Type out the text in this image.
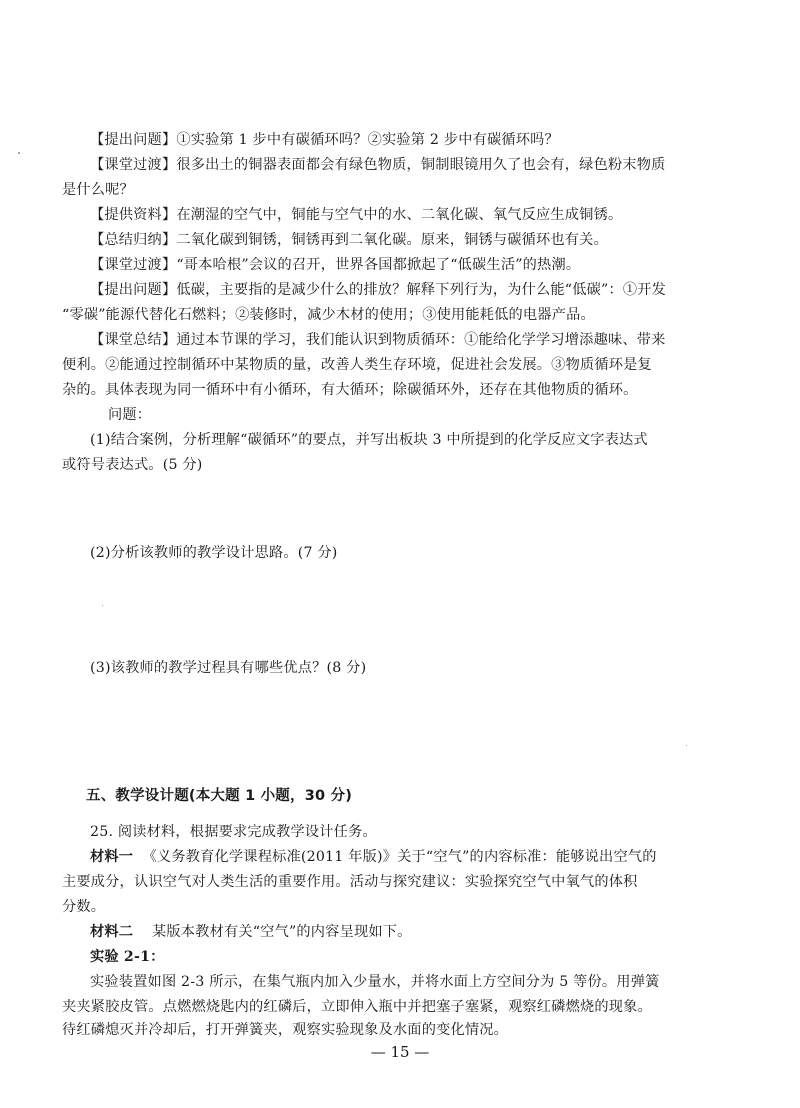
【提出问题】①实验第 1 步中有碳循环吗？②实验第 2 步中有碳循环吗？
【课堂过渡】很多出土的铜器表面都会有绿色物质，铜制眼镜用久了也会有，绿色粉末物质
是什么呢？
【提供资料】在潮湿的空气中，铜能与空气中的水、二氧化碳、氧气反应生成铜锈。
【总结归纳】二氧化碳到铜锈，铜锈再到二氧化碳。原来，铜锈与碳循环也有关。
【课堂过渡】“哥本哈根”会议的召开，世界各国都掀起了“低碳生活”的热潮。
【提出问题】低碳，主要指的是减少什么的排放？解释下列行为，为什么能“低碳”：①开发
“零碳”能源代替化石燃料；②装修时，减少木材的使用；③使用能耗低的电器产品。
【课堂总结】通过本节课的学习，我们能认识到物质循环：①能给化学学习增添趣味、带来
便利。②能通过控制循环中某物质的量，改善人类生存环境，促进社会发展。③物质循环是复
杂的。具体表现为同一循环中有小循环，有大循环；除碳循环外，还存在其他物质的循环。
问题：
(1)结合案例，分析理解“碳循环”的要点，并写出板块 3 中所提到的化学反应文字表达式
或符号表达式。(5 分)
(2)分析该教师的教学设计思路。(7 分)
(3)该教师的教学过程具有哪些优点？(8 分)
五、教学设计题(本大题 1 小题，30 分)
25. 阅读材料，根据要求完成教学设计任务。
材料一 《义务教育化学课程标准(2011 年版)》关于“空气”的内容标准：能够说出空气的
主要成分，认识空气对人类生活的重要作用。活动与探究建议：实验探究空气中氧气的体积
分数。
材料二 某版本教材有关“空气”的内容呈现如下。
实验 2-1：
实验装置如图 2-3 所示，在集气瓶内加入少量水，并将水面上方空间分为 5 等份。用弹簧
夹夹紧胶皮管。点燃燃烧匙内的红磷后，立即伸入瓶中并把塞子塞紧，观察红磷燃烧的现象。
待红磷熄灭并冷却后，打开弹簧夹，观察实验现象及水面的变化情况。
— 15 —
